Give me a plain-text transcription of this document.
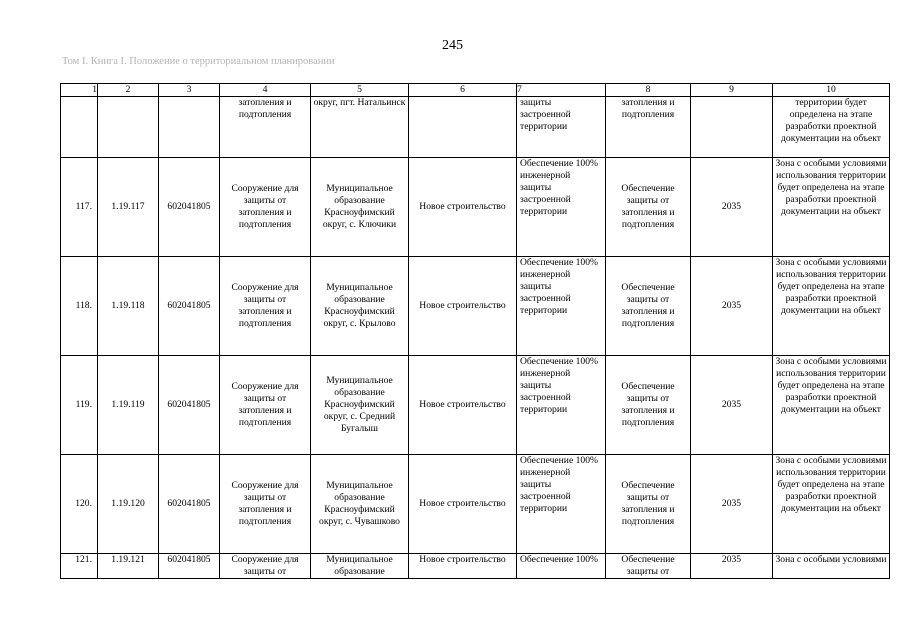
245
Том I. Книга I. Положение о территориальном планировании
1	2	3	4	5	6	7	8	9	10
			затопления и подтопления	округ, пгт. Натальинск		защиты застроенной территории	затопления и подтопления		территории будет определена на этапе разработки проектной документации на объект
117.	1.19.117	602041805	Сооружение для защиты от затопления и подтопления	Муниципальное образование Красноуфимский округ, с. Ключики	Новое строительство	Обеспечение 100% инженерной защиты застроенной территории	Обеспечение защиты от затопления и подтопления	2035	Зона с особыми условиями использования территории будет определена на этапе разработки проектной документации на объект
118.	1.19.118	602041805	Сооружение для защиты от затопления и подтопления	Муниципальное образование Красноуфимский округ, с. Крылово	Новое строительство	Обеспечение 100% инженерной защиты застроенной территории	Обеспечение защиты от затопления и подтопления	2035	Зона с особыми условиями использования территории будет определена на этапе разработки проектной документации на объект
119.	1.19.119	602041805	Сооружение для защиты от затопления и подтопления	Муниципальное образование Красноуфимский округ, с. Средний Бугалыш	Новое строительство	Обеспечение 100% инженерной защиты застроенной территории	Обеспечение защиты от затопления и подтопления	2035	Зона с особыми условиями использования территории будет определена на этапе разработки проектной документации на объект
120.	1.19.120	602041805	Сооружение для защиты от затопления и подтопления	Муниципальное образование Красноуфимский округ, с. Чувашково	Новое строительство	Обеспечение 100% инженерной защиты застроенной территории	Обеспечение защиты от затопления и подтопления	2035	Зона с особыми условиями использования территории будет определена на этапе разработки проектной документации на объект
121.	1.19.121	602041805	Сооружение для защиты от	Муниципальное образование	Новое строительство	Обеспечение 100%	Обеспечение защиты от	2035	Зона с особыми условиями
